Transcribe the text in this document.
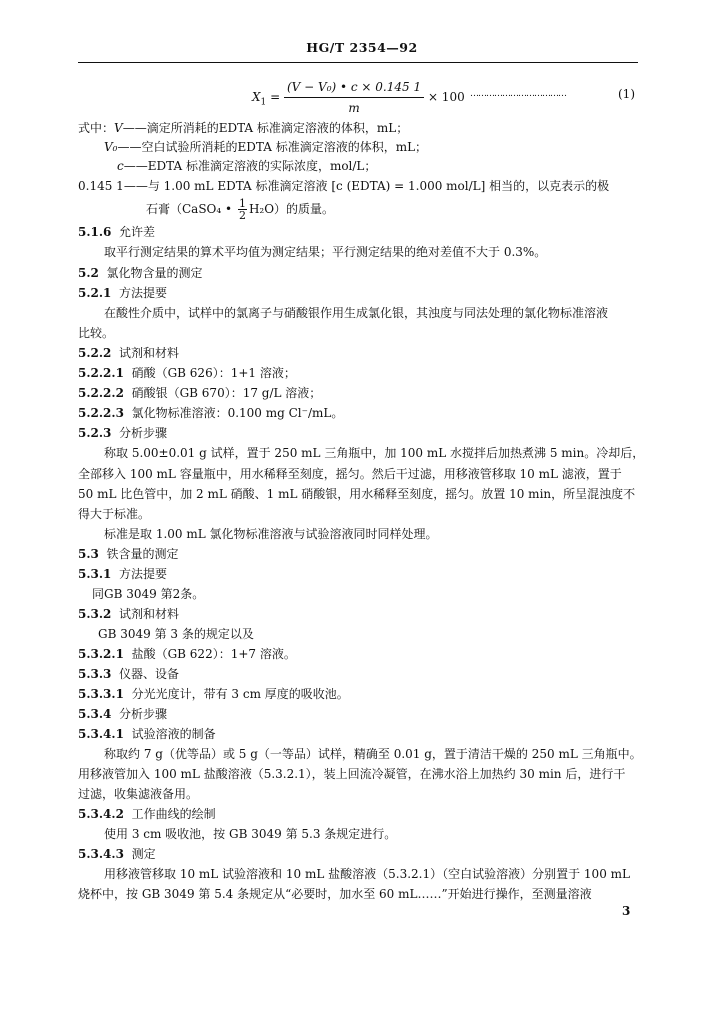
HG/T 2354—92
$X_1 = \frac{\text{(V − V₀) • c × 0.145 1}}{m} \times 100$ ………………………………	(1)
式中：V——滴定所消耗的EDTA 标准滴定溶液的体积，mL；
V₀——空白试验所消耗的EDTA 标准滴定溶液的体积，mL；
c——EDTA 标准滴定溶液的实际浓度，mol/L；
0.145 1——与 1.00 mL EDTA 标准滴定溶液 [c (EDTA) = 1.000 mol/L] 相当的，以克表示的极
石膏（CaSO₄ • $\frac{1}{2} H_2O$）的质量。
5.1.6 允许差
取平行测定结果的算术平均值为测定结果；平行测定结果的绝对差值不大于 0.3%。
5.2 氯化物含量的测定
5.2.1 方法提要
在酸性介质中，试样中的氯离子与硝酸银作用生成氯化银，其浊度与同法处理的氯化物标准溶液
比较。
5.2.2 试剂和材料
5.2.2.1 硝酸（GB 626）：1+1 溶液；
5.2.2.2 硝酸银（GB 670）：17 g/L 溶液；
5.2.2.3 氯化物标准溶液：0.100 mg Cl⁻/mL。
5.2.3 分析步骤
称取 5.00±0.01 g 试样，置于 250 mL 三角瓶中，加 100 mL 水搅拌后加热煮沸 5 min。冷却后，
全部移入 100 mL 容量瓶中，用水稀释至刻度，摇匀。然后干过滤，用移液管移取 10 mL 滤液，置于
50 mL 比色管中，加 2 mL 硝酸、1 mL 硝酸银，用水稀释至刻度，摇匀。放置 10 min，所呈混浊度不
得大于标准。
标准是取 1.00 mL 氯化物标准溶液与试验溶液同时同样处理。
5.3 铁含量的测定
5.3.1 方法提要
同GB 3049 第2条。
5.3.2 试剂和材料
GB 3049 第 3 条的规定以及
5.3.2.1 盐酸（GB 622）：1+7 溶液。
5.3.3 仪器、设备
5.3.3.1 分光光度计，带有 3 cm 厚度的吸收池。
5.3.4 分析步骤
5.3.4.1 试验溶液的制备
称取约 7 g（优等品）或 5 g（一等品）试样，精确至 0.01 g，置于清洁干燥的 250 mL 三角瓶中。
用移液管加入 100 mL 盐酸溶液（5.3.2.1），装上回流冷凝管，在沸水浴上加热约 30 min 后，进行干
过滤，收集滤液备用。
5.3.4.2 工作曲线的绘制
使用 3 cm 吸收池，按 GB 3049 第 5.3 条规定进行。
5.3.4.3 测定
用移液管移取 10 mL 试验溶液和 10 mL 盐酸溶液（5.3.2.1）（空白试验溶液）分别置于 100 mL
烧杯中，按 GB 3049 第 5.4 条规定从“必要时，加水至 60 mL……”开始进行操作，至测量溶液
3
